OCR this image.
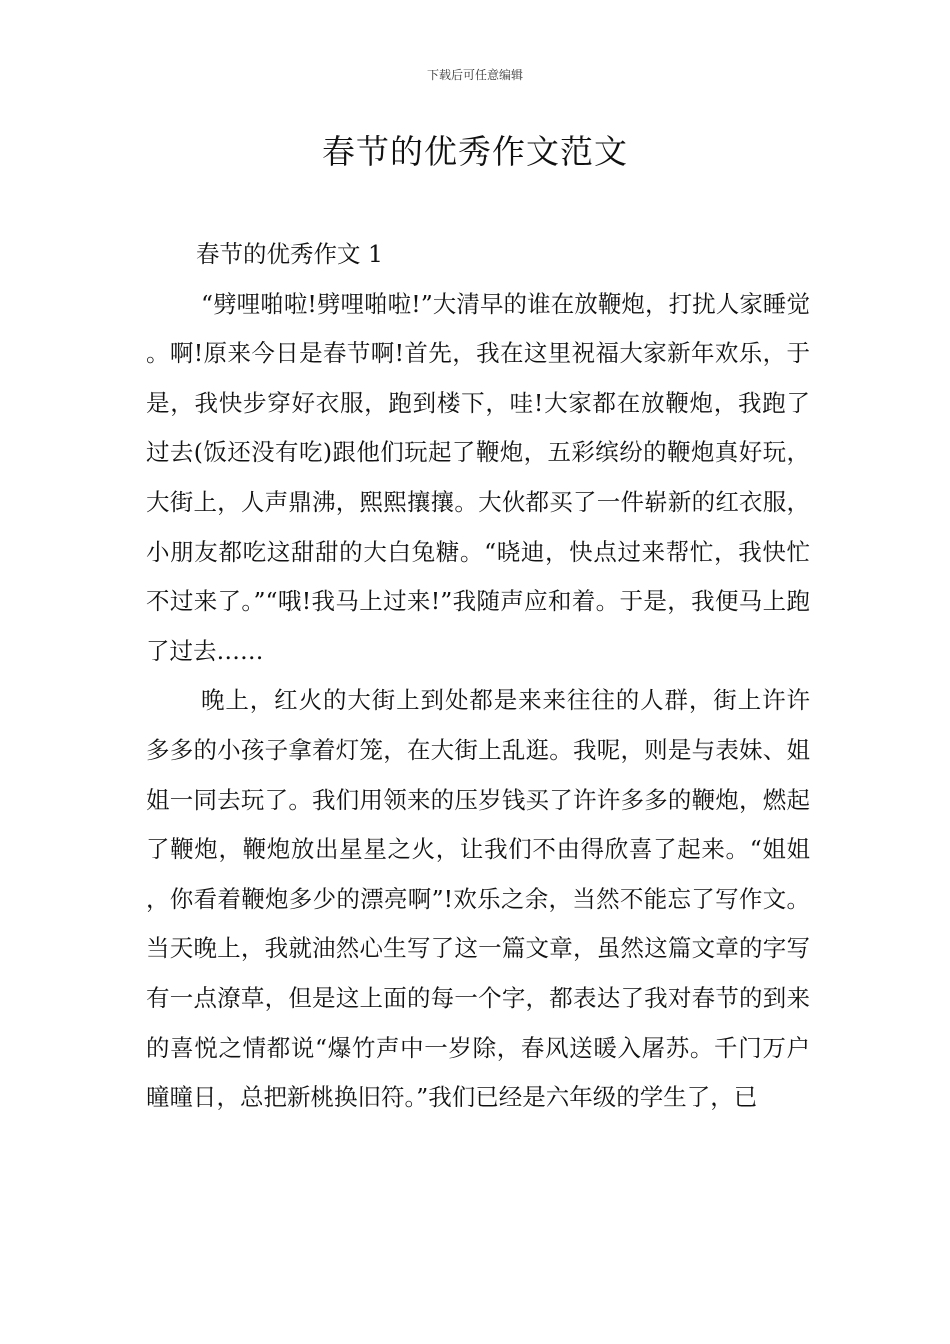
下载后可任意编辑
春节的优秀作文范文

春节的优秀作文 1

“劈哩啪啦!劈哩啪啦!”大清早的谁在放鞭炮，打扰人家睡觉。啊!原来今日是春节啊!首先，我在这里祝福大家新年欢乐，于是，我快步穿好衣服，跑到楼下，哇!大家都在放鞭炮，我跑了过去(饭还没有吃)跟他们玩起了鞭炮，五彩缤纷的鞭炮真好玩，大街上，人声鼎沸，熙熙攘攘。大伙都买了一件崭新的红衣服，小朋友都吃这甜甜的大白兔糖。“晓迪，快点过来帮忙，我快忙不过来了。”“哦!我马上过来!”我随声应和着。于是，我便马上跑了过去……

晚上，红火的大街上到处都是来来往往的人群，街上许许多多的小孩子拿着灯笼，在大街上乱逛。我呢，则是与表妹、姐姐一同去玩了。我们用领来的压岁钱买了许许多多的鞭炮，燃起了鞭炮，鞭炮放出星星之火，让我们不由得欣喜了起来。“姐姐，你看着鞭炮多少的漂亮啊”!欢乐之余，当然不能忘了写作文。当天晚上，我就油然心生写了这一篇文章，虽然这篇文章的字写有一点潦草，但是这上面的每一个字，都表达了我对春节的到来的喜悦之情都说“爆竹声中一岁除，春风送暖入屠苏。千门万户曈曈日，总把新桃换旧符。”我们已经是六年级的学生了，已
